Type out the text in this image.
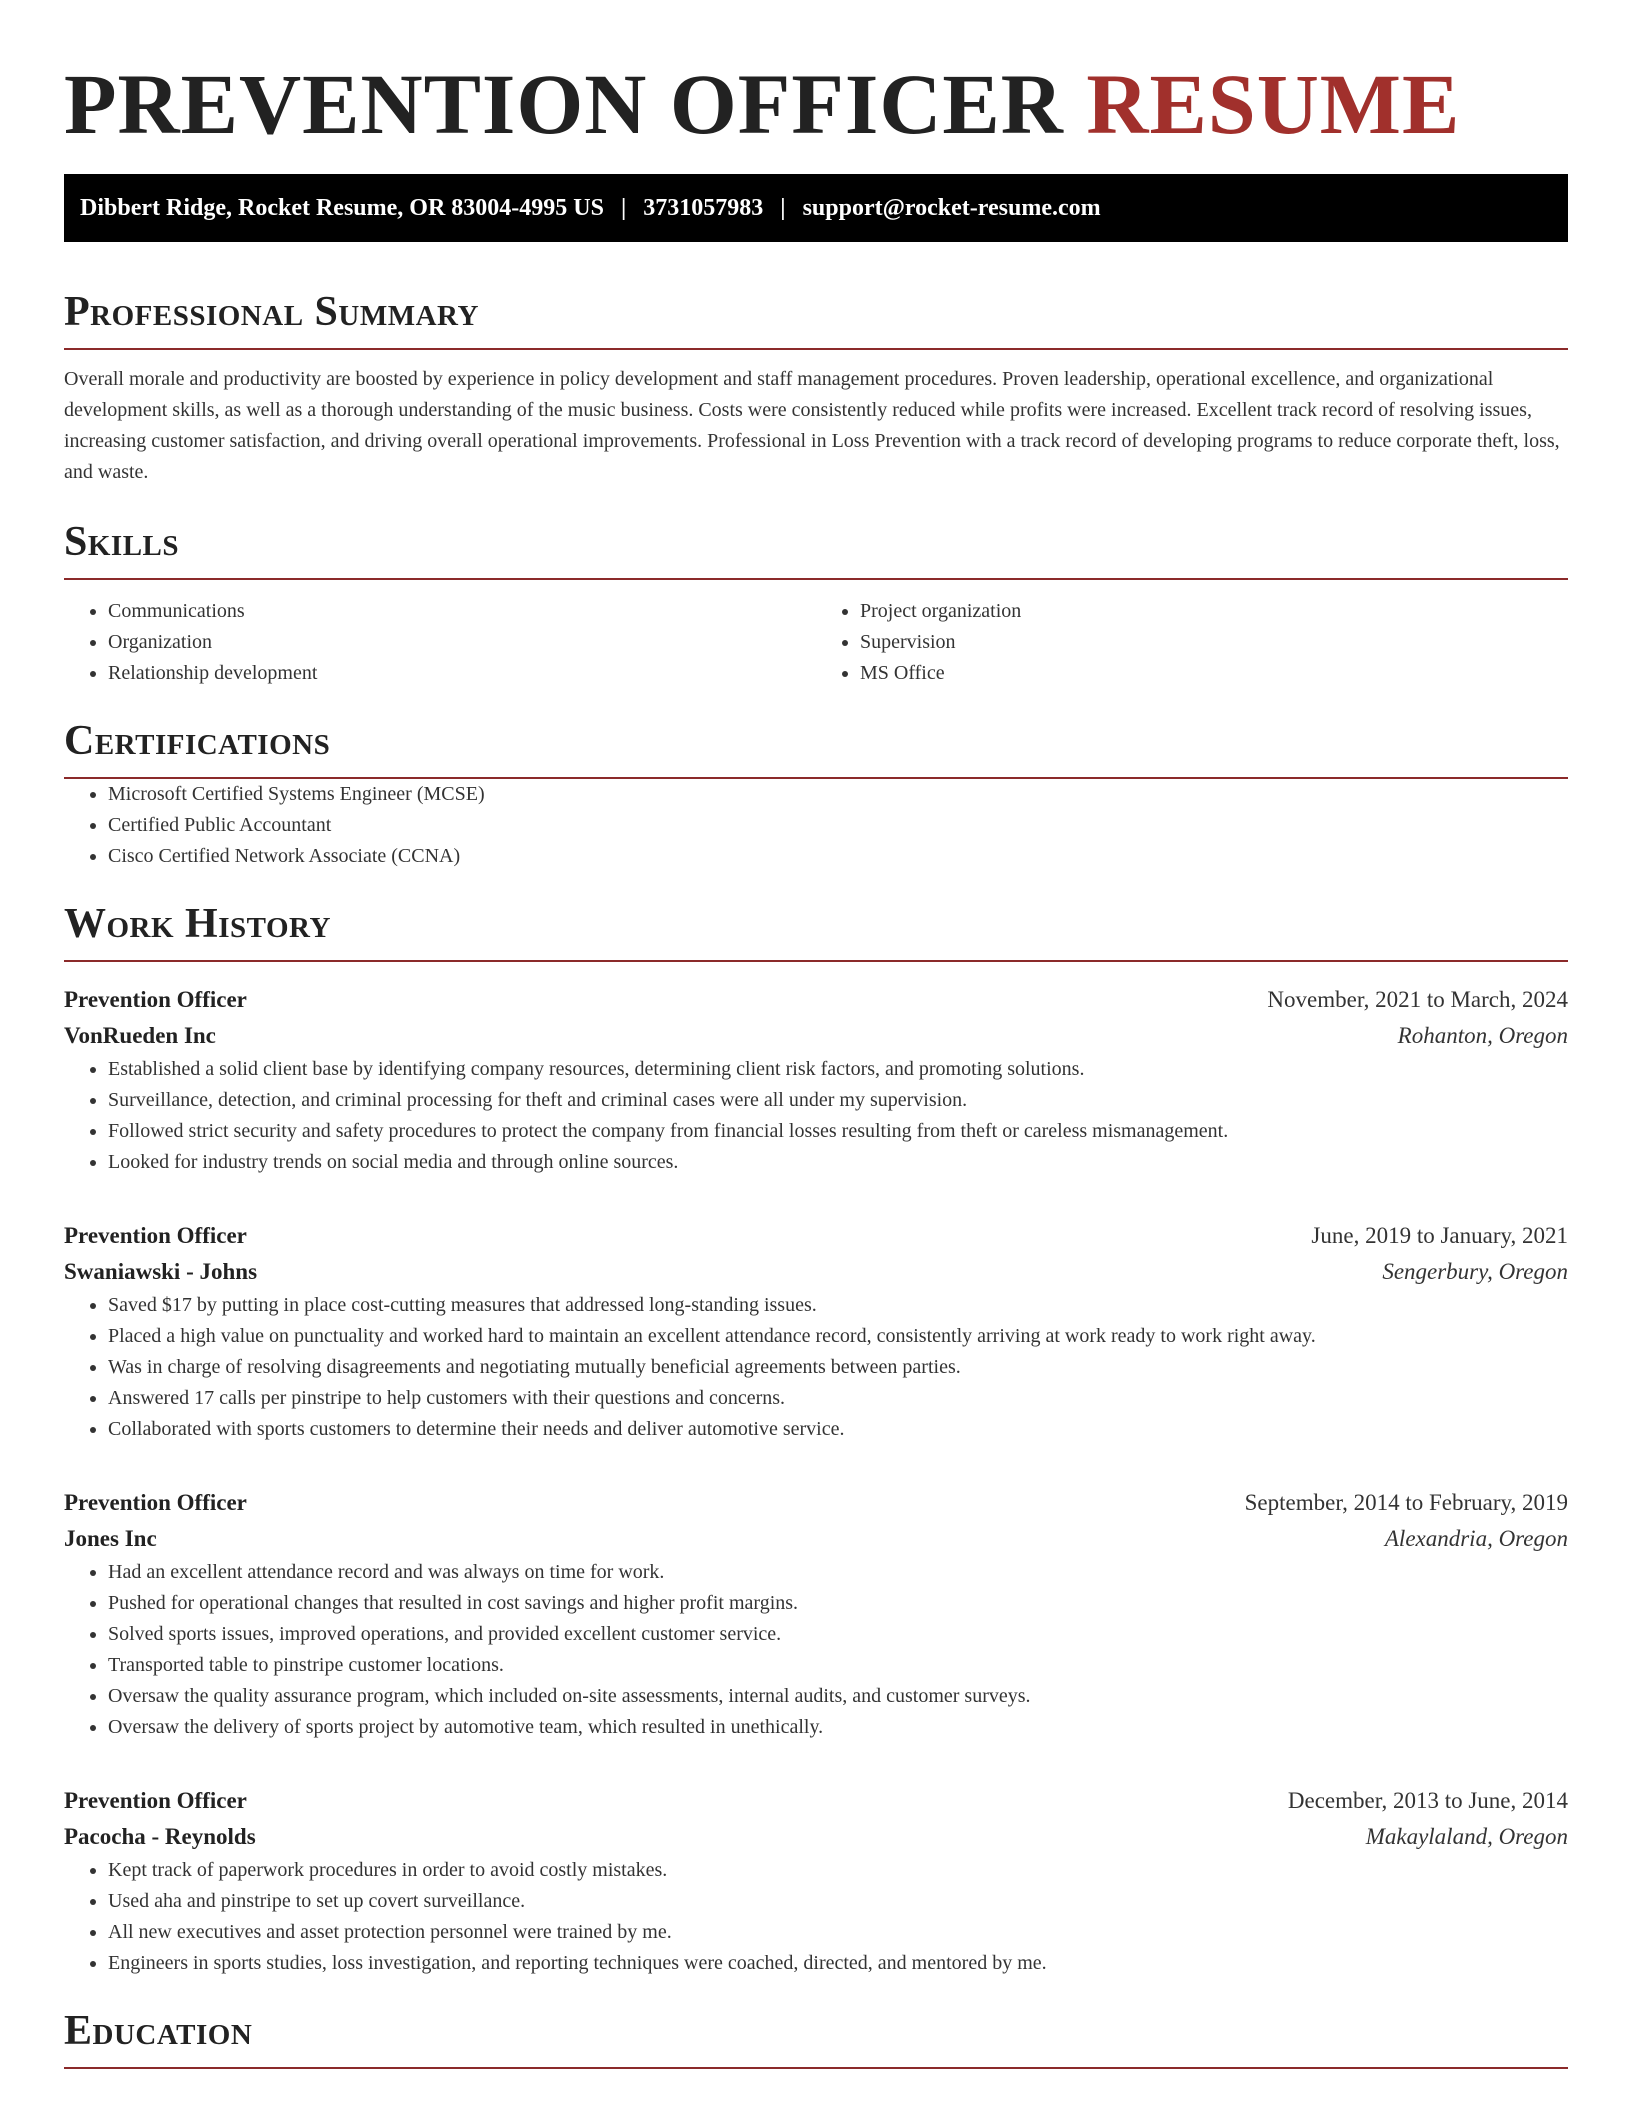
PREVENTION OFFICER RESUME
Dibbert Ridge, Rocket Resume, OR 83004-4995 US | 3731057983 | support@rocket-resume.com
Professional Summary

Overall morale and productivity are boosted by experience in policy development and staff management procedures. Proven leadership, operational excellence, and organizational development skills, as well as a thorough understanding of the music business. Costs were consistently reduced while profits were increased. Excellent track record of resolving issues, increasing customer satisfaction, and driving overall operational improvements. Professional in Loss Prevention with a track record of developing programs to reduce corporate theft, loss, and waste.

Skills
• Communications
• Organization
• Relationship development
• Project organization
• Supervision
• MS Office
Certifications
• Microsoft Certified Systems Engineer (MCSE)
• Certified Public Accountant
• Cisco Certified Network Associate (CCNA)
Work History
Prevention Officer	November, 2021 to March, 2024
VonRueden Inc	Rohanton, Oregon
• Established a solid client base by identifying company resources, determining client risk factors, and promoting solutions.
• Surveillance, detection, and criminal processing for theft and criminal cases were all under my supervision.
• Followed strict security and safety procedures to protect the company from financial losses resulting from theft or careless mismanagement.
• Looked for industry trends on social media and through online sources.
Prevention Officer	June, 2019 to January, 2021
Swaniawski - Johns	Sengerbury, Oregon
• Saved $17 by putting in place cost-cutting measures that addressed long-standing issues.
• Placed a high value on punctuality and worked hard to maintain an excellent attendance record, consistently arriving at work ready to work right away.
• Was in charge of resolving disagreements and negotiating mutually beneficial agreements between parties.
• Answered 17 calls per pinstripe to help customers with their questions and concerns.
• Collaborated with sports customers to determine their needs and deliver automotive service.
Prevention Officer	September, 2014 to February, 2019
Jones Inc	Alexandria, Oregon
• Had an excellent attendance record and was always on time for work.
• Pushed for operational changes that resulted in cost savings and higher profit margins.
• Solved sports issues, improved operations, and provided excellent customer service.
• Transported table to pinstripe customer locations.
• Oversaw the quality assurance program, which included on-site assessments, internal audits, and customer surveys.
• Oversaw the delivery of sports project by automotive team, which resulted in unethically.
Prevention Officer	December, 2013 to June, 2014
Pacocha - Reynolds	Makaylaland, Oregon
• Kept track of paperwork procedures in order to avoid costly mistakes.
• Used aha and pinstripe to set up covert surveillance.
• All new executives and asset protection personnel were trained by me.
• Engineers in sports studies, loss investigation, and reporting techniques were coached, directed, and mentored by me.
Education
